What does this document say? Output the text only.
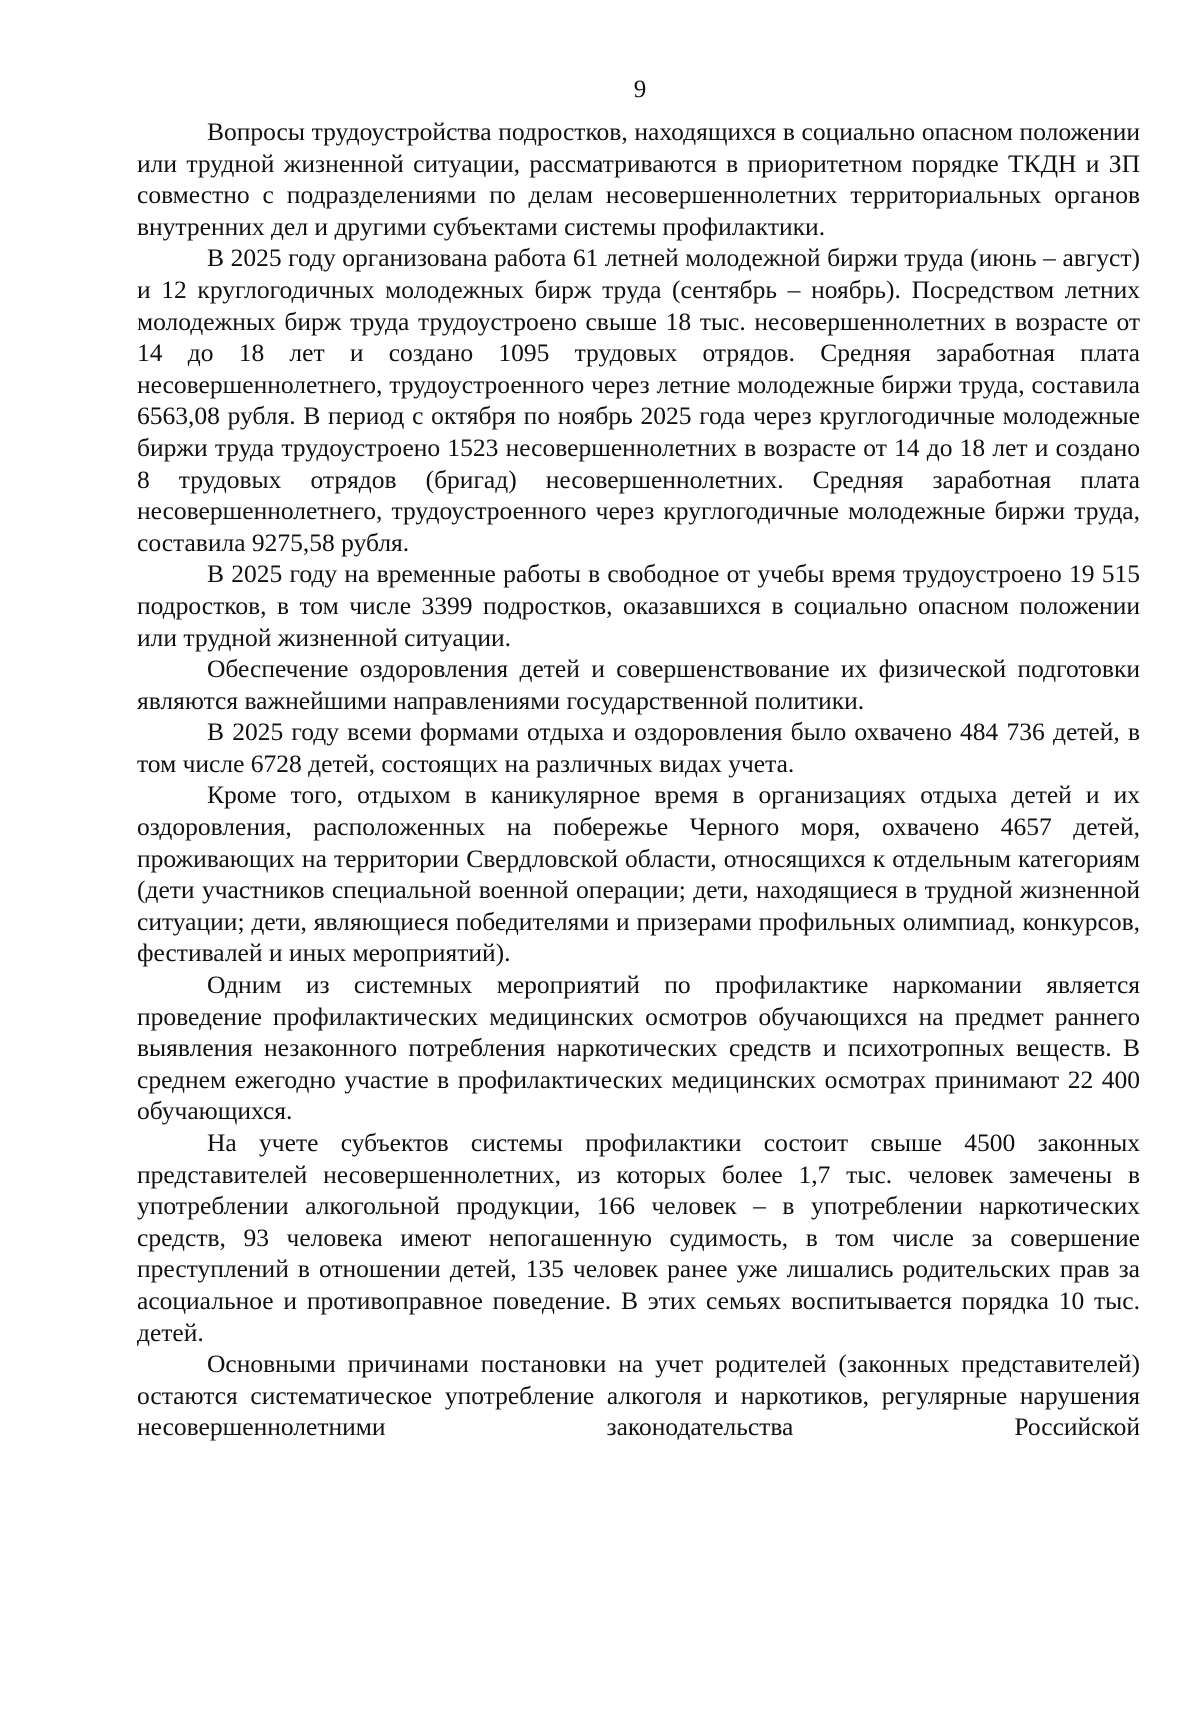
9

Вопросы трудоустройства подростков, находящихся в социально опасном положении или трудной жизненной ситуации, рассматриваются в приоритетном порядке ТКДН и ЗП совместно с подразделениями по делам несовершеннолетних территориальных органов внутренних дел и другими субъектами системы профилактики.

В 2025 году организована работа 61 летней молодежной биржи труда (июнь – август) и 12 круглогодичных молодежных бирж труда (сентябрь – ноябрь). Посредством летних молодежных бирж труда трудоустроено свыше 18 тыс. несовершеннолетних в возрасте от 14 до 18 лет и создано 1095 трудовых отрядов. Средняя заработная плата несовершеннолетнего, трудоустроенного через летние молодежные биржи труда, составила 6563,08 рубля. В период с октября по ноябрь 2025 года через круглогодичные молодежные биржи труда трудоустроено 1523 несовершеннолетних в возрасте от 14 до 18 лет и создано 8 трудовых отрядов (бригад) несовершеннолетних. Средняя заработная плата несовершеннолетнего, трудоустроенного через круглогодичные молодежные биржи труда, составила 9275,58 рубля.

В 2025 году на временные работы в свободное от учебы время трудоустроено 19 515 подростков, в том числе 3399 подростков, оказавшихся в социально опасном положении или трудной жизненной ситуации.

Обеспечение оздоровления детей и совершенствование их физической подготовки являются важнейшими направлениями государственной политики.

В 2025 году всеми формами отдыха и оздоровления было охвачено 484 736 детей, в том числе 6728 детей, состоящих на различных видах учета.

Кроме того, отдыхом в каникулярное время в организациях отдыха детей и их оздоровления, расположенных на побережье Черного моря, охвачено 4657 детей, проживающих на территории Свердловской области, относящихся к отдельным категориям (дети участников специальной военной операции; дети, находящиеся в трудной жизненной ситуации; дети, являющиеся победителями и призерами профильных олимпиад, конкурсов, фестивалей и иных мероприятий).

Одним из системных мероприятий по профилактике наркомании является проведение профилактических медицинских осмотров обучающихся на предмет раннего выявления незаконного потребления наркотических средств и психотропных веществ. В среднем ежегодно участие в профилактических медицинских осмотрах принимают 22 400 обучающихся.

На учете субъектов системы профилактики состоит свыше 4500 законных представителей несовершеннолетних, из которых более 1,7 тыс. человек замечены в употреблении алкогольной продукции, 166 человек – в употреблении наркотических средств, 93 человека имеют непогашенную судимость, в том числе за совершение преступлений в отношении детей, 135 человек ранее уже лишались родительских прав за асоциальное и противоправное поведение. В этих семьях воспитывается порядка 10 тыс. детей.

Основными причинами постановки на учет родителей (законных представителей) остаются систематическое употребление алкоголя и наркотиков, регулярные нарушения несовершеннолетними законодательства Российской
